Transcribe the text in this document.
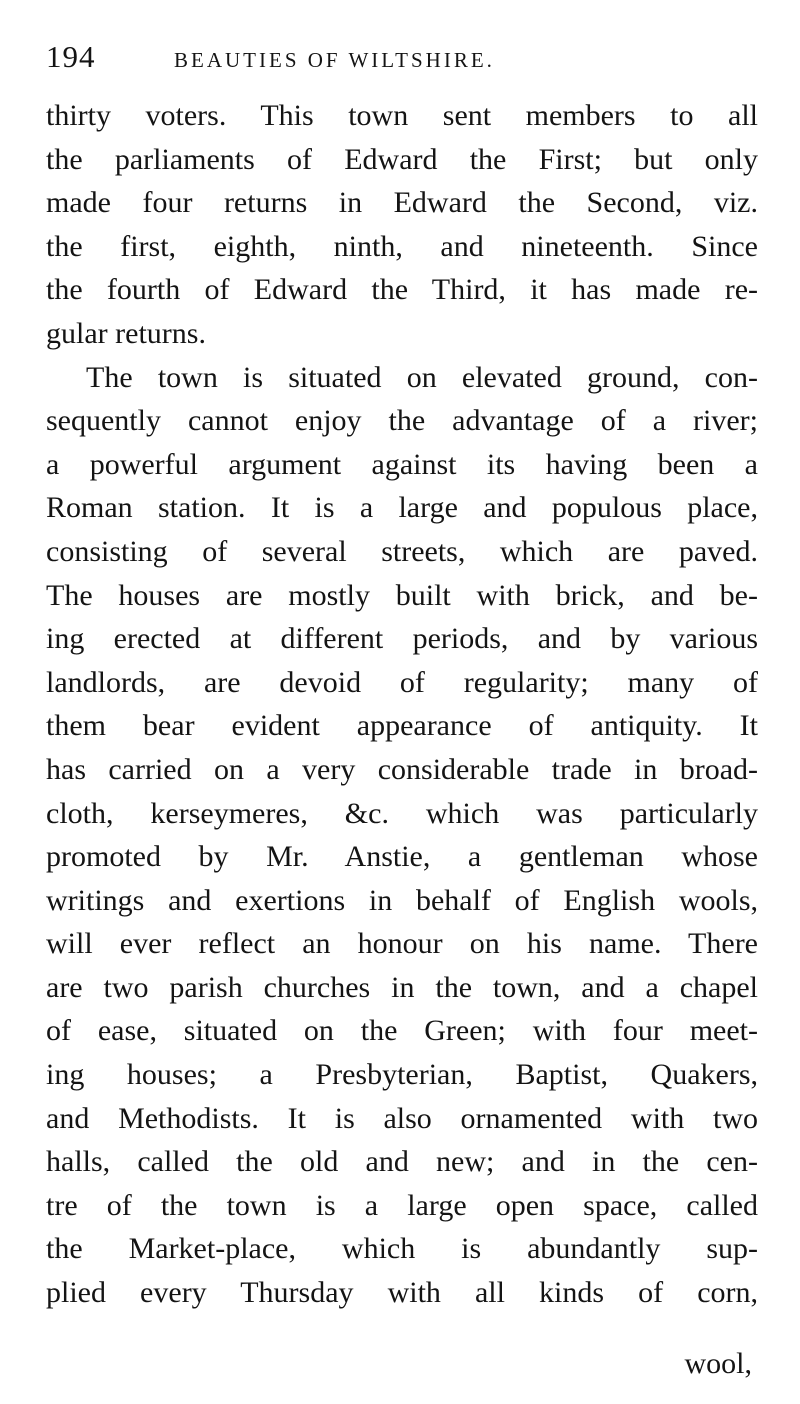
194	BEAUTIES OF WILTSHIRE.
thirty voters. This town sent members to all
the parliaments of Edward the First; but only
made four returns in Edward the Second, viz.
the first, eighth, ninth, and nineteenth. Since
the fourth of Edward the Third, it has made re-
gular returns.
The town is situated on elevated ground, con-
sequently cannot enjoy the advantage of a river;
a powerful argument against its having been a
Roman station. It is a large and populous place,
consisting of several streets, which are paved.
The houses are mostly built with brick, and be-
ing erected at different periods, and by various
landlords, are devoid of regularity; many of
them bear evident appearance of antiquity. It
has carried on a very considerable trade in broad-
cloth, kerseymeres, &c. which was particularly
promoted by Mr. Anstie, a gentleman whose
writings and exertions in behalf of English wools,
will ever reflect an honour on his name. There
are two parish churches in the town, and a chapel
of ease, situated on the Green; with four meet-
ing houses; a Presbyterian, Baptist, Quakers,
and Methodists. It is also ornamented with two
halls, called the old and new; and in the cen-
tre of the town is a large open space, called
the Market-place, which is abundantly sup-
plied every Thursday with all kinds of corn,
wool,
